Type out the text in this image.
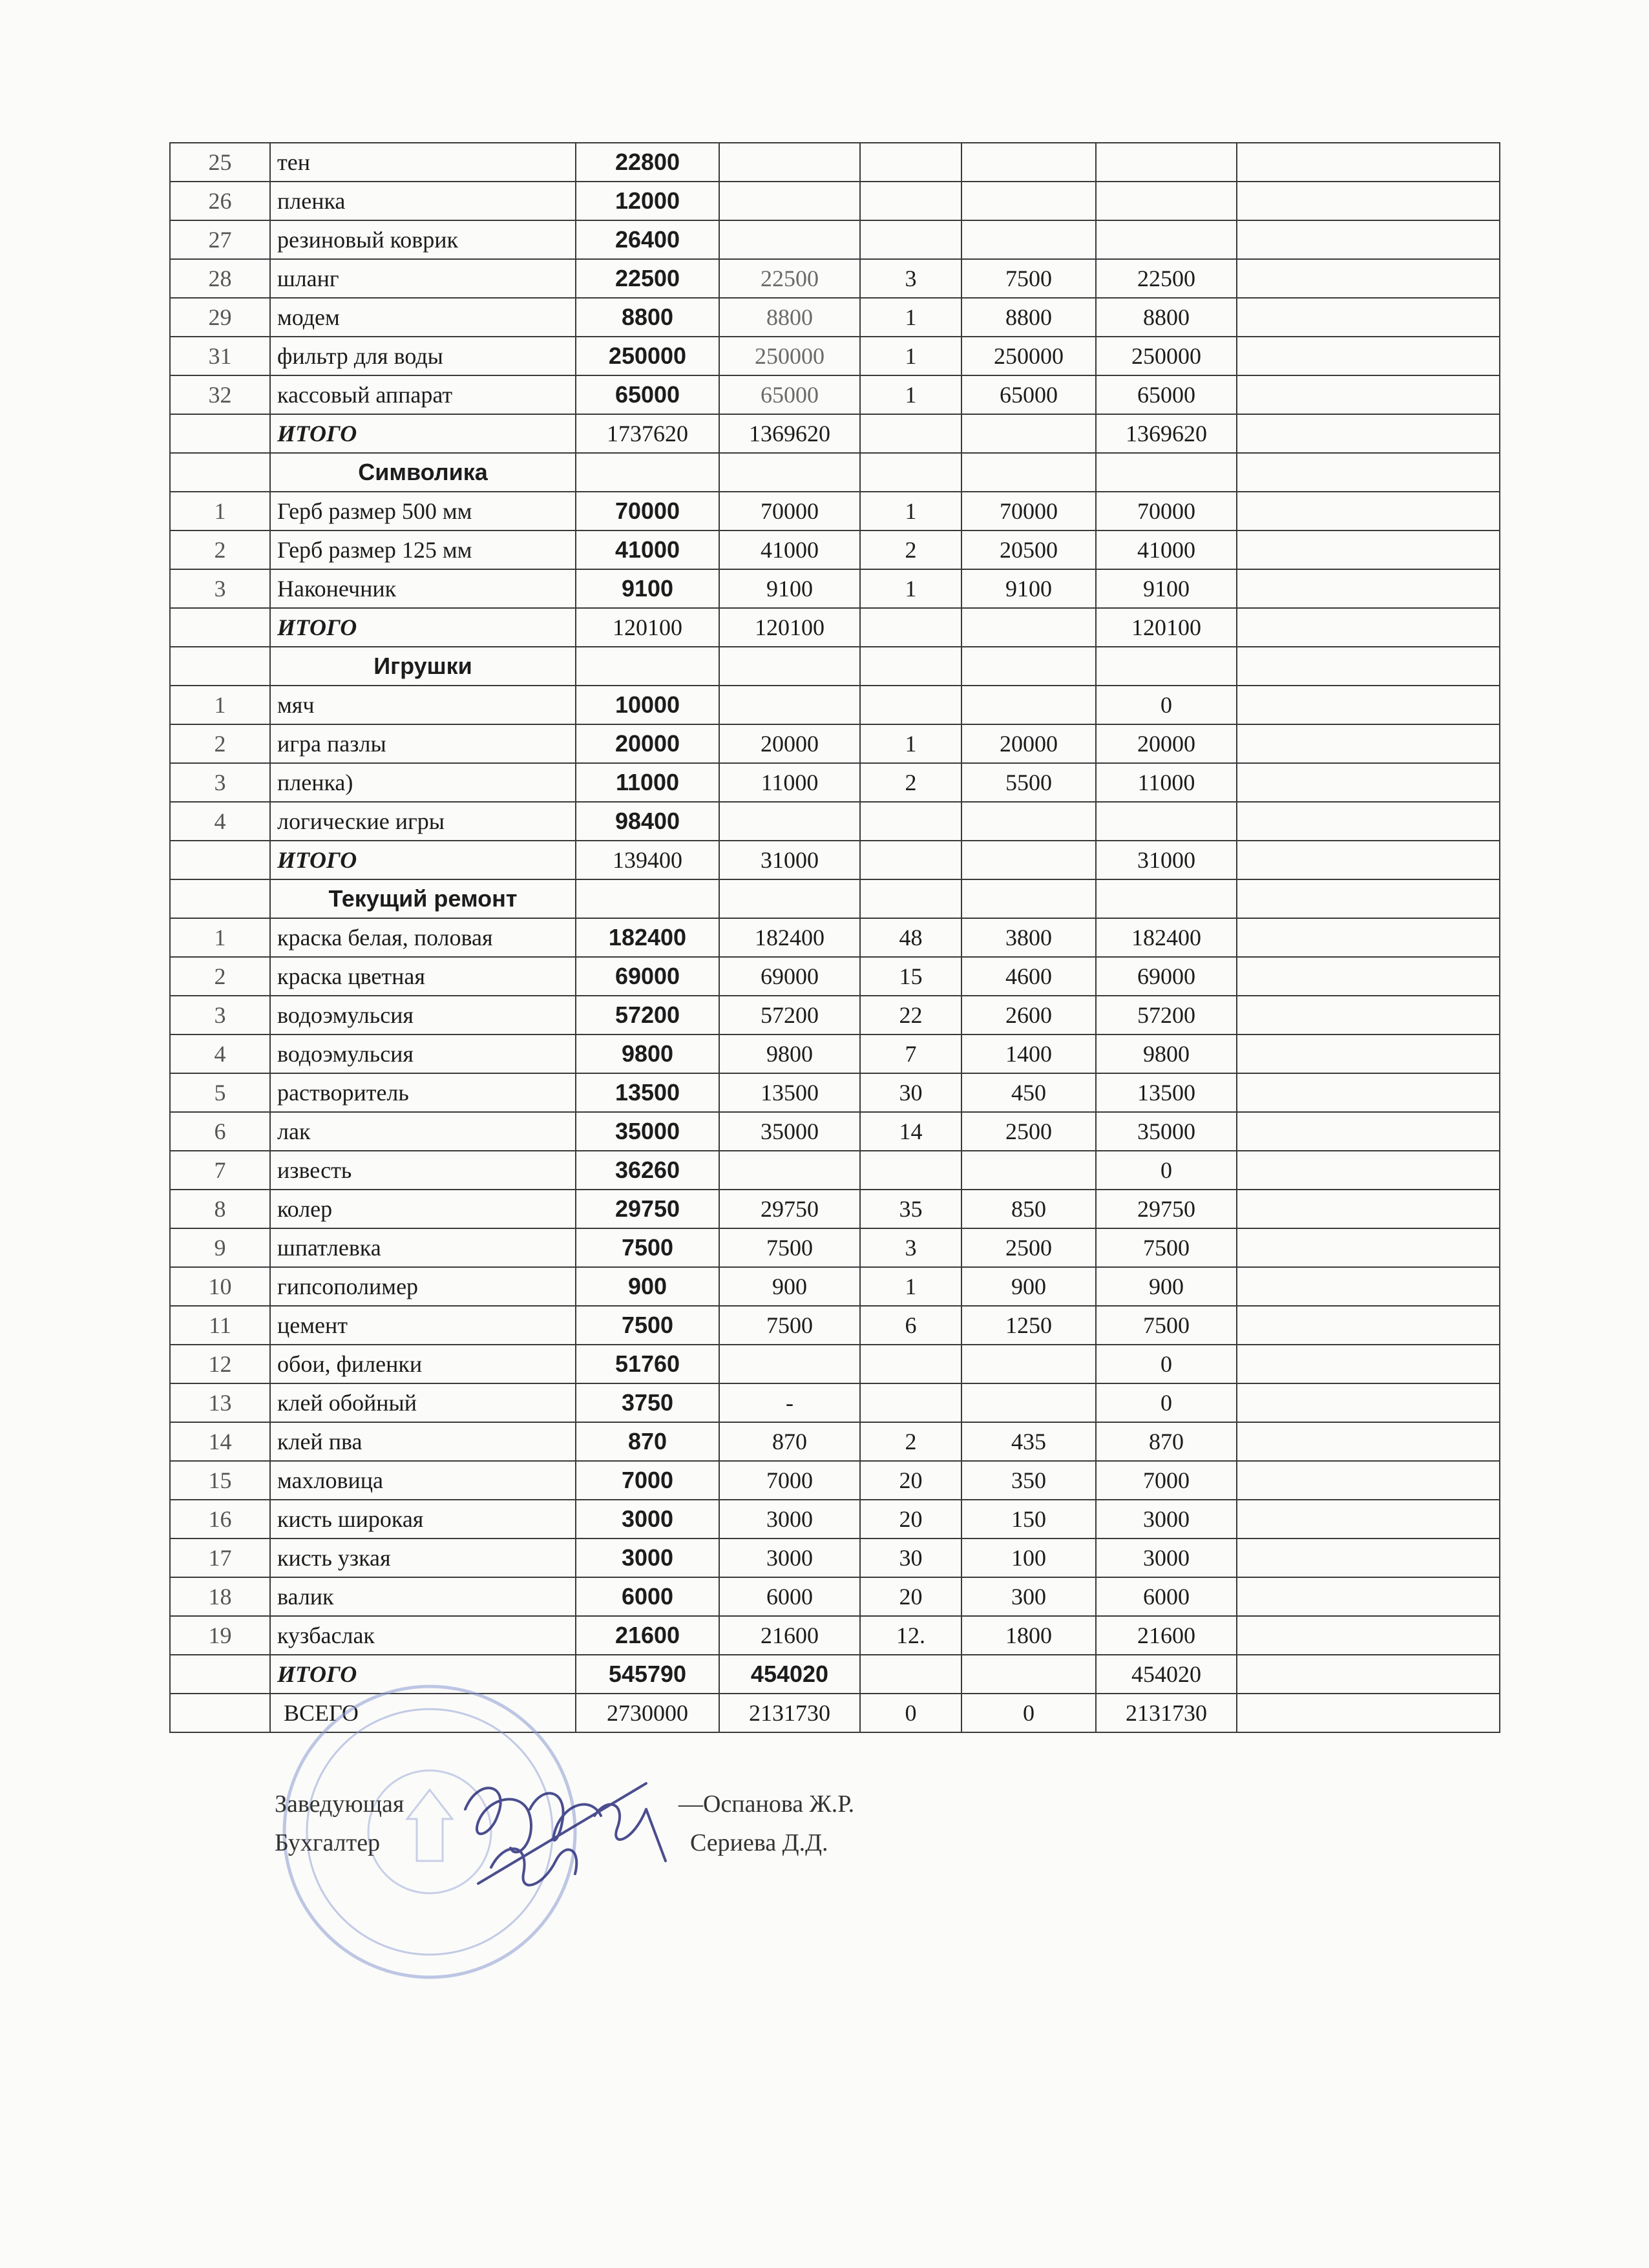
25	тен	22800					
26	пленка	12000					
27	резиновый коврик	26400					
28	шланг	22500	22500	3	7500	22500	
29	модем	8800	8800	1	8800	8800	
31	фильтр для воды	250000	250000	1	250000	250000	
32	кассовый аппарат	65000	65000	1	65000	65000	
	ИТОГО	1737620	1369620			1369620	
	Символика						
1	Герб размер 500 мм	70000	70000	1	70000	70000	
2	Герб размер 125 мм	41000	41000	2	20500	41000	
3	Наконечник	9100	9100	1	9100	9100	
	ИТОГО	120100	120100			120100	
	Игрушки						
1	мяч	10000				0	
2	игра пазлы	20000	20000	1	20000	20000	
3	пленка)	11000	11000	2	5500	11000	
4	логические игры	98400					
	ИТОГО	139400	31000			31000	
	Текущий ремонт						
1	краска белая, половая	182400	182400	48	3800	182400	
2	краска цветная	69000	69000	15	4600	69000	
3	водоэмульсия	57200	57200	22	2600	57200	
4	водоэмульсия	9800	9800	7	1400	9800	
5	растворитель	13500	13500	30	450	13500	
6	лак	35000	35000	14	2500	35000	
7	известь	36260				0	
8	колер	29750	29750	35	850	29750	
9	шпатлевка	7500	7500	3	2500	7500	
10	гипсополимер	900	900	1	900	900	
11	цемент	7500	7500	6	1250	7500	
12	обои, филенки	51760				0	
13	клей обойный	3750	-			0	
14	клей пва	870	870	2	435	870	
15	махловица	7000	7000	20	350	7000	
16	кисть широкая	3000	3000	20	150	3000	
17	кисть узкая	3000	3000	30	100	3000	
18	валик	6000	6000	20	300	6000	
19	кузбаслак	21600	21600	12.	1800	21600	
	ИТОГО	545790	454020			454020	
	ВСЕГО	2730000	2131730	0	0	2131730	
Заведующая	—Оспанова Ж.Р.
Бухгалтер	Сериева Д.Д.
